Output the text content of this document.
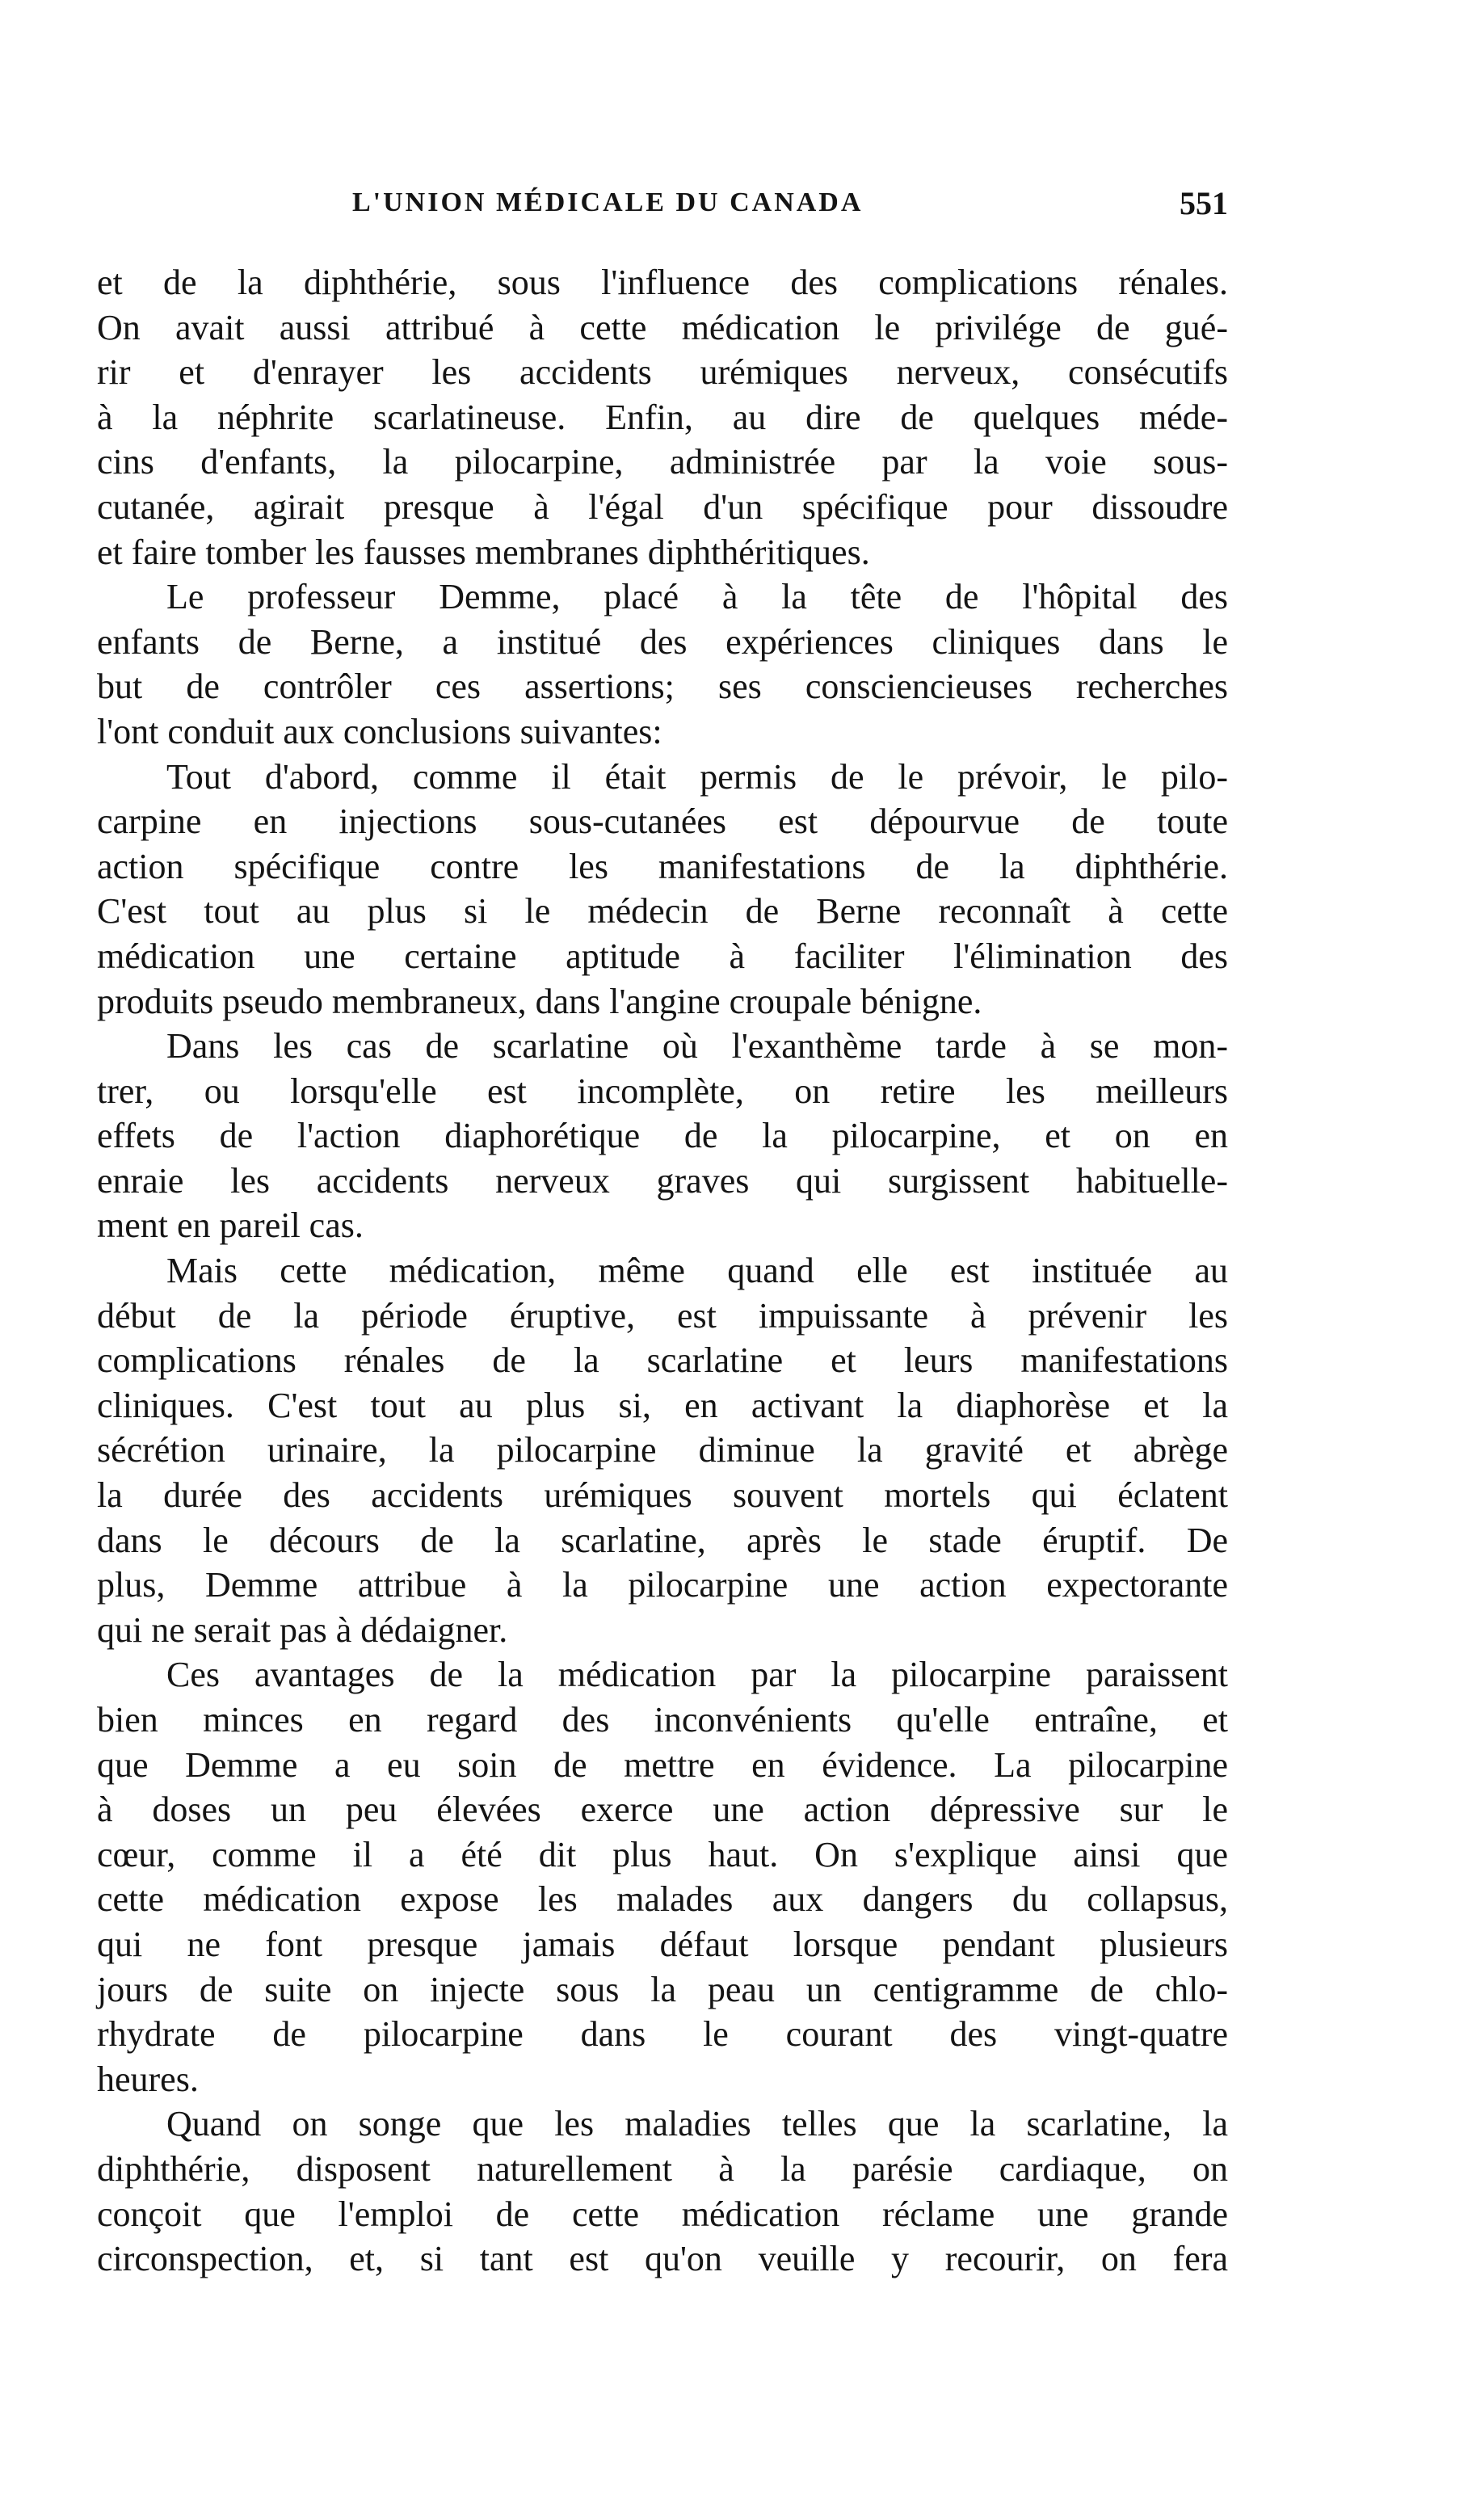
L'UNION MÉDICALE DU CANADA	551

et de la diphthérie, sous l'influence des complications rénales.
On avait aussi attribué à cette médication le privilége de gué-
rir et d'enrayer les accidents urémiques nerveux, consécutifs
à la néphrite scarlatineuse. Enfin, au dire de quelques méde-
cins d'enfants, la pilocarpine, administrée par la voie sous-
cutanée, agirait presque à l'égal d'un spécifique pour dissoudre
et faire tomber les fausses membranes diphthéritiques.

Le professeur Demme, placé à la tête de l'hôpital des
enfants de Berne, a institué des expériences cliniques dans le
but de contrôler ces assertions; ses consciencieuses recherches
l'ont conduit aux conclusions suivantes:

Tout d'abord, comme il était permis de le prévoir, le pilo-
carpine en injections sous-cutanées est dépourvue de toute
action spécifique contre les manifestations de la diphthérie.
C'est tout au plus si le médecin de Berne reconnaît à cette
médication une certaine aptitude à faciliter l'élimination des
produits pseudo membraneux, dans l'angine croupale bénigne.

Dans les cas de scarlatine où l'exanthème tarde à se mon-
trer, ou lorsqu'elle est incomplète, on retire les meilleurs
effets de l'action diaphorétique de la pilocarpine, et on en
enraie les accidents nerveux graves qui surgissent habituelle-
ment en pareil cas.

Mais cette médication, même quand elle est instituée au
début de la période éruptive, est impuissante à prévenir les
complications rénales de la scarlatine et leurs manifestations
cliniques. C'est tout au plus si, en activant la diaphorèse et la
sécrétion urinaire, la pilocarpine diminue la gravité et abrège
la durée des accidents urémiques souvent mortels qui éclatent
dans le décours de la scarlatine, après le stade éruptif. De
plus, Demme attribue à la pilocarpine une action expectorante
qui ne serait pas à dédaigner.

Ces avantages de la médication par la pilocarpine paraissent
bien minces en regard des inconvénients qu'elle entraîne, et
que Demme a eu soin de mettre en évidence. La pilocarpine
à doses un peu élevées exerce une action dépressive sur le
cœur, comme il a été dit plus haut. On s'explique ainsi que
cette médication expose les malades aux dangers du collapsus,
qui ne font presque jamais défaut lorsque pendant plusieurs
jours de suite on injecte sous la peau un centigramme de chlo-
rhydrate de pilocarpine dans le courant des vingt-quatre
heures.

Quand on songe que les maladies telles que la scarlatine, la
diphthérie, disposent naturellement à la parésie cardiaque, on
conçoit que l'emploi de cette médication réclame une grande
circonspection, et, si tant est qu'on veuille y recourir, on fera
